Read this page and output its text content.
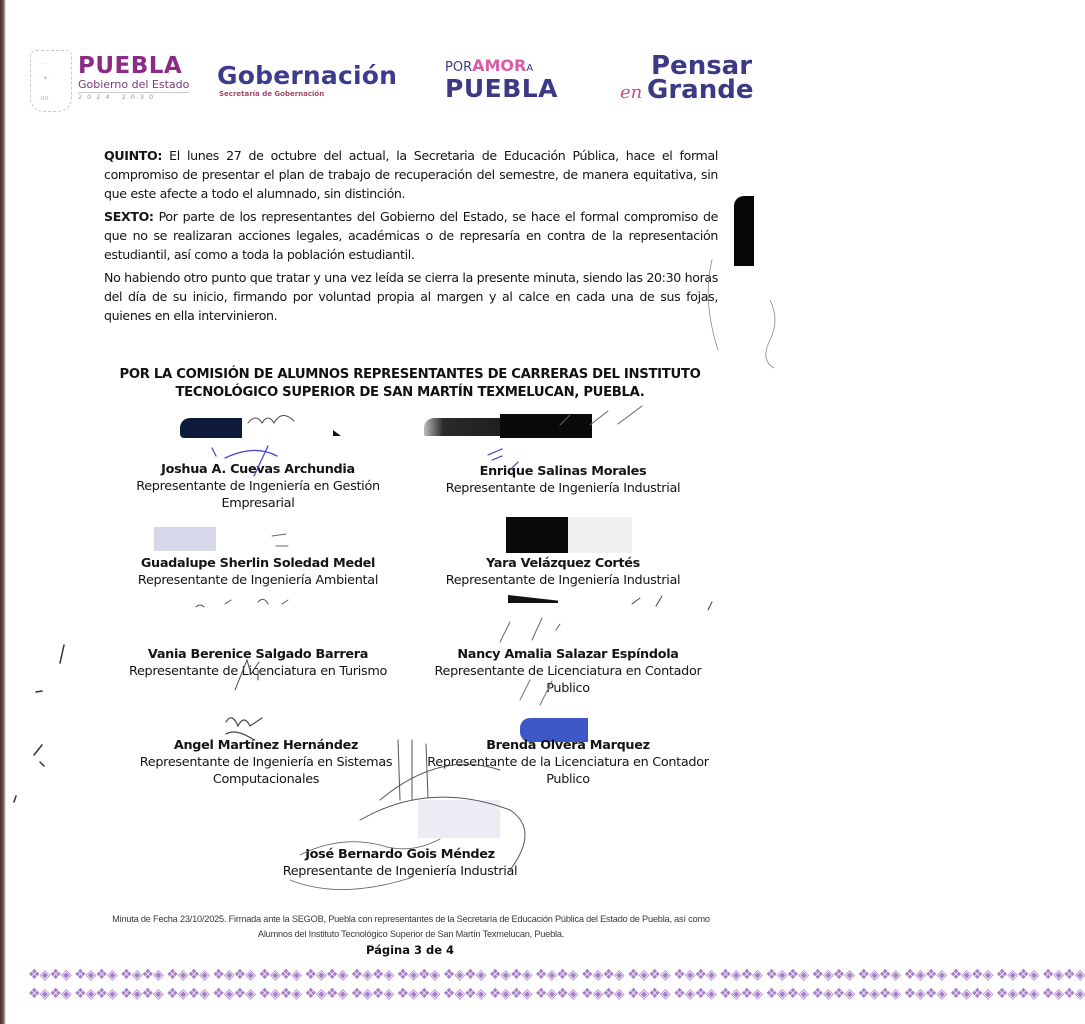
· · ·
· ✦ ·
·ʊʊ·
PUEBLA
Gobierno del Estado
2024 2030
Gobernación
Secretaría de Gobernación
PORAMORA
PUEBLA
Pensar
en Grande

QUINTO: El lunes 27 de octubre del actual, la Secretaria de Educación Pública, hace el formal compromiso de presentar el plan de trabajo de recuperación del semestre, de manera equitativa, sin que este afecte a todo el alumnado, sin distinción.

SEXTO: Por parte de los representantes del Gobierno del Estado, se hace el formal compromiso de que no se realizaran acciones legales, académicas o de represaría en contra de la representación estudiantil, así como a toda la población estudiantil.

No habiendo otro punto que tratar y una vez leída se cierra la presente minuta, siendo las 20:30 horas del día de su inicio, firmando por voluntad propia al margen y al calce en cada una de sus fojas, quienes en ella intervinieron.

POR LA COMISIÓN DE ALUMNOS REPRESENTANTES DE CARRERAS DEL INSTITUTO TECNOLÓGICO SUPERIOR DE SAN MARTÍN TEXMELUCAN, PUEBLA.
Joshua A. Cuevas Archundia
Representante de Ingeniería en Gestión Empresarial
Enrique Salinas Morales
Representante de Ingeniería Industrial
Guadalupe Sherlin Soledad Medel
Representante de Ingeniería Ambiental
Yara Velázquez Cortés
Representante de Ingeniería Industrial
Vania Berenice Salgado Barrera
Representante de Licenciatura en Turismo
Nancy Amalia Salazar Espíndola
Representante de Licenciatura en Contador Publico
Angel Martínez Hernández
Representante de Ingeniería en Sistemas Computacionales
Brenda Olvera Marquez
Representante de la Licenciatura en Contador Publico
José Bernardo Gois Méndez
Representante de Ingeniería Industrial
Minuta de Fecha 23/10/2025. Firmada ante la SEGOB, Puebla con representantes de la Secretaría de Educación Pública del Estado de Puebla, así como Alumnos del Instituto Tecnológico Superior de San Martín Texmelucan, Puebla.
Página 3 de 4
❖◈❖◈ ❖◈❖◈ ❖◈❖◈ ❖◈❖◈ ❖◈❖◈ ❖◈❖◈ ❖◈❖◈ ❖◈❖◈ ❖◈❖◈ ❖◈❖◈ ❖◈❖◈ ❖◈❖◈ ❖◈❖◈ ❖◈❖◈ ❖◈❖◈ ❖◈❖◈ ❖◈❖◈ ❖◈❖◈ ❖◈❖◈ ❖◈❖◈ ❖◈❖◈ ❖◈❖◈ ❖◈❖◈
❖◈❖◈ ❖◈❖◈ ❖◈❖◈ ❖◈❖◈ ❖◈❖◈ ❖◈❖◈ ❖◈❖◈ ❖◈❖◈ ❖◈❖◈ ❖◈❖◈ ❖◈❖◈ ❖◈❖◈ ❖◈❖◈ ❖◈❖◈ ❖◈❖◈ ❖◈❖◈ ❖◈❖◈ ❖◈❖◈ ❖◈❖◈ ❖◈❖◈ ❖◈❖◈ ❖◈❖◈ ❖◈❖◈
